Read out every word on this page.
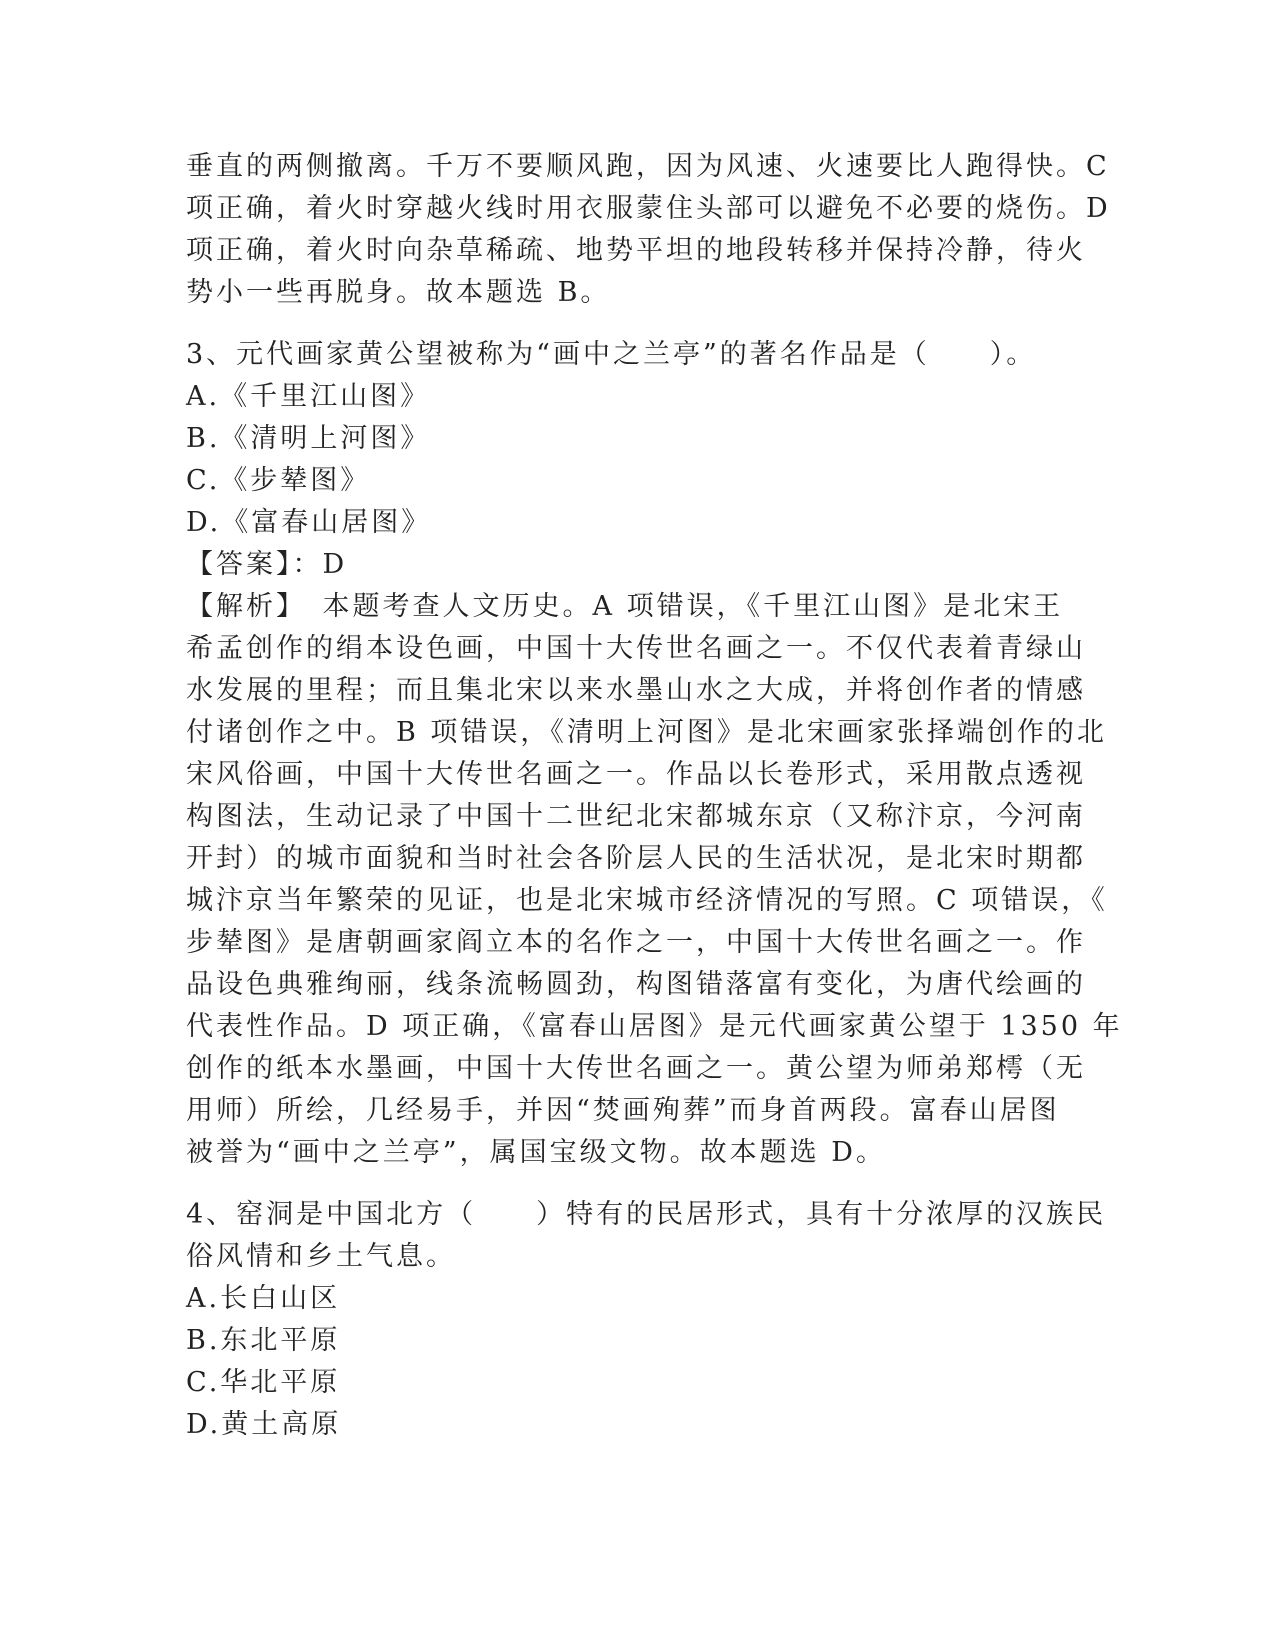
垂直的两侧撤离。千万不要顺风跑，因为风速、火速要比人跑得快。C
项正确，着火时穿越火线时用衣服蒙住头部可以避免不必要的烧伤。D
项正确，着火时向杂草稀疏、地势平坦的地段转移并保持冷静，待火
势小一些再脱身。故本题选 B。
3、元代画家黄公望被称为“画中之兰亭”的著名作品是（　　）。
A.《千里江山图》
B.《清明上河图》
C.《步辇图》
D.《富春山居图》
【答案】：D
【解析】　本题考查人文历史。A 项错误，《千里江山图》是北宋王
希孟创作的绢本设色画，中国十大传世名画之一。不仅代表着青绿山
水发展的里程；而且集北宋以来水墨山水之大成，并将创作者的情感
付诸创作之中。B 项错误，《清明上河图》是北宋画家张择端创作的北
宋风俗画，中国十大传世名画之一。作品以长卷形式，采用散点透视
构图法，生动记录了中国十二世纪北宋都城东京（又称汴京，今河南
开封）的城市面貌和当时社会各阶层人民的生活状况，是北宋时期都
城汴京当年繁荣的见证，也是北宋城市经济情况的写照。C 项错误，《
步辇图》是唐朝画家阎立本的名作之一，中国十大传世名画之一。作
品设色典雅绚丽，线条流畅圆劲，构图错落富有变化，为唐代绘画的
代表性作品。D 项正确，《富春山居图》是元代画家黄公望于 1350 年
创作的纸本水墨画，中国十大传世名画之一。黄公望为师弟郑樗（无
用师）所绘，几经易手，并因“焚画殉葬”而身首两段。富春山居图
被誉为“画中之兰亭”，属国宝级文物。故本题选 D。
4、窑洞是中国北方（　　）特有的民居形式，具有十分浓厚的汉族民
俗风情和乡土气息。
A.长白山区
B.东北平原
C.华北平原
D.黄土高原
